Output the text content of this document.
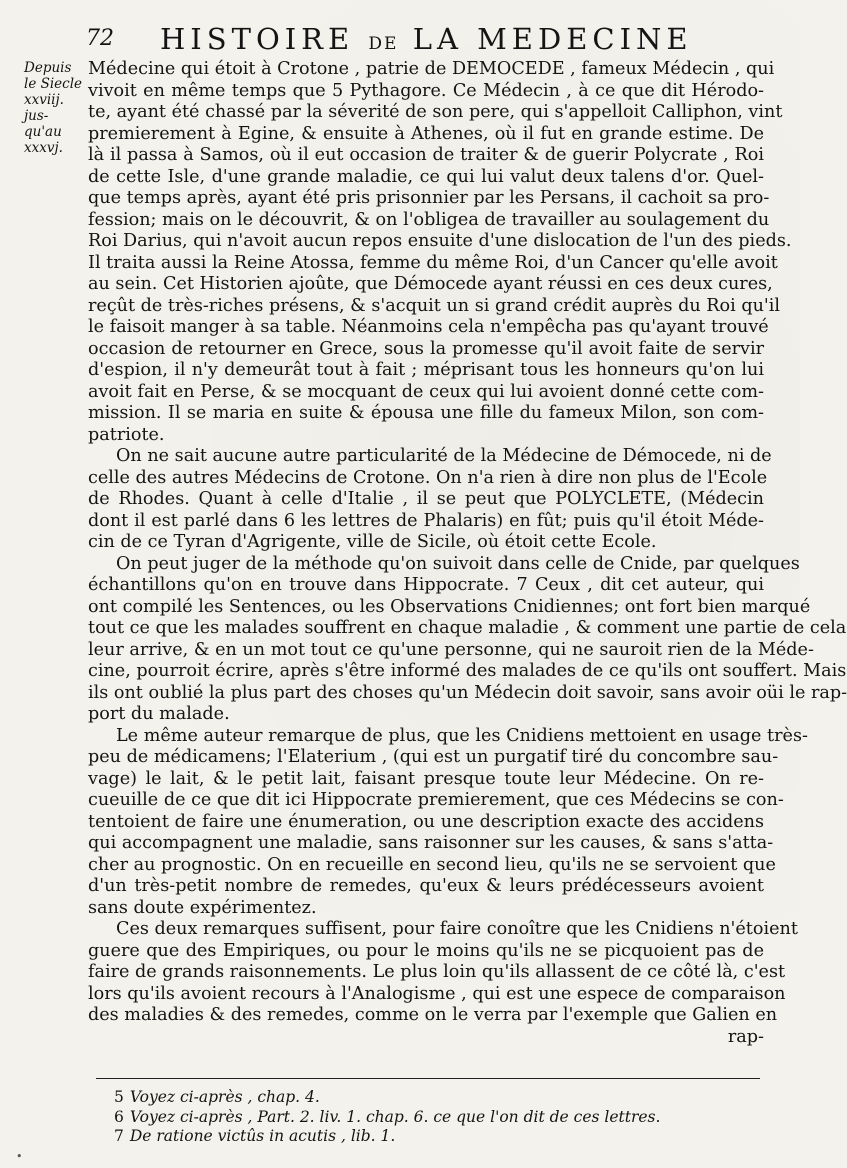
72 HISTOIRE DE LA MEDECINE
Depuis
le Siecle
xxviij.
jus-
qu'au
xxxvj.
Médecine qui étoit à Crotone , patrie de DEMOCEDE , fameux Médecin , qui
vivoit en même temps que 5 Pythagore. Ce Médecin , à ce que dit Hérodo-
te, ayant été chassé par la séverité de son pere, qui s'appelloit Calliphon, vint
premierement à Egine, & ensuite à Athenes, où il fut en grande estime. De
là il passa à Samos, où il eut occasion de traiter & de guerir Polycrate , Roi
de cette Isle, d'une grande maladie, ce qui lui valut deux talens d'or. Quel-
que temps après, ayant été pris prisonnier par les Persans, il cachoit sa pro-
fession; mais on le découvrit, & on l'obligea de travailler au soulagement du
Roi Darius, qui n'avoit aucun repos ensuite d'une dislocation de l'un des pieds.
Il traita aussi la Reine Atossa, femme du même Roi, d'un Cancer qu'elle avoit
au sein. Cet Historien ajoûte, que Démocede ayant réussi en ces deux cures,
reçût de très-riches présens, & s'acquit un si grand crédit auprès du Roi qu'il
le faisoit manger à sa table. Néanmoins cela n'empêcha pas qu'ayant trouvé
occasion de retourner en Grece, sous la promesse qu'il avoit faite de servir
d'espion, il n'y demeurât tout à fait ; méprisant tous les honneurs qu'on lui
avoit fait en Perse, & se mocquant de ceux qui lui avoient donné cette com-
mission. Il se maria en suite & épousa une fille du fameux Milon, son com-
patriote.
On ne sait aucune autre particularité de la Médecine de Démocede, ni de
celle des autres Médecins de Crotone. On n'a rien à dire non plus de l'Ecole
de Rhodes. Quant à celle d'Italie , il se peut que POLYCLETE, (Médecin
dont il est parlé dans 6 les lettres de Phalaris) en fût; puis qu'il étoit Méde-
cin de ce Tyran d'Agrigente, ville de Sicile, où étoit cette Ecole.
On peut juger de la méthode qu'on suivoit dans celle de Cnide, par quelques
échantillons qu'on en trouve dans Hippocrate. 7 Ceux , dit cet auteur, qui
ont compilé les Sentences, ou les Observations Cnidiennes; ont fort bien marqué
tout ce que les malades souffrent en chaque maladie , & comment une partie de cela
leur arrive, & en un mot tout ce qu'une personne, qui ne sauroit rien de la Méde-
cine, pourroit écrire, après s'être informé des malades de ce qu'ils ont souffert. Mais
ils ont oublié la plus part des choses qu'un Médecin doit savoir, sans avoir oüi le rap-
port du malade.
Le même auteur remarque de plus, que les Cnidiens mettoient en usage très-
peu de médicamens; l'Elaterium , (qui est un purgatif tiré du concombre sau-
vage) le lait, & le petit lait, faisant presque toute leur Médecine. On re-
cueuille de ce que dit ici Hippocrate premierement, que ces Médecins se con-
tentoient de faire une énumeration, ou une description exacte des accidens
qui accompagnent une maladie, sans raisonner sur les causes, & sans s'atta-
cher au prognostic. On en recueille en second lieu, qu'ils ne se servoient que
d'un très-petit nombre de remedes, qu'eux & leurs prédécesseurs avoient
sans doute expérimentez.
Ces deux remarques suffisent, pour faire conoître que les Cnidiens n'étoient
guere que des Empiriques, ou pour le moins qu'ils ne se picquoient pas de
faire de grands raisonnements. Le plus loin qu'ils allassent de ce côté là, c'est
lors qu'ils avoient recours à l'Analogisme , qui est une espece de comparaison
des maladies & des remedes, comme on le verra par l'exemple que Galien en
rap-
5 Voyez ci-après , chap. 4.
6 Voyez ci-après , Part. 2. liv. 1. chap. 6. ce que l'on dit de ces lettres.
7 De ratione victûs in acutis , lib. 1.
•
